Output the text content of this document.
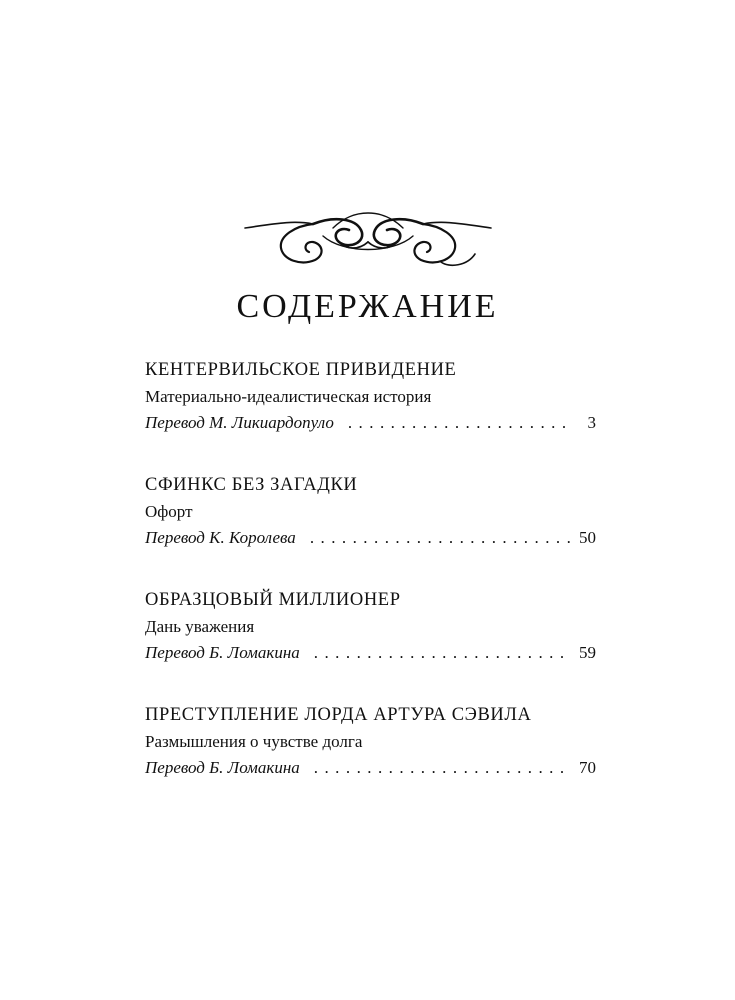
СОДЕРЖАНИЕ
КЕНТЕРВИЛЬСКОЕ ПРИВИДЕНИЕ
Материально-идеалистическая история
Перевод М. Ликиардопуло . . .	3
СФИНКС БЕЗ ЗАГАДКИ
Офорт
Перевод К. Королева . . .	50
ОБРАЗЦОВЫЙ МИЛЛИОНЕР
Дань уважения
Перевод Б. Ломакина . . .	59
ПРЕСТУПЛЕНИЕ ЛОРДА АРТУРА СЭВИЛА
Размышления о чувстве долга
Перевод Б. Ломакина . . .	70
